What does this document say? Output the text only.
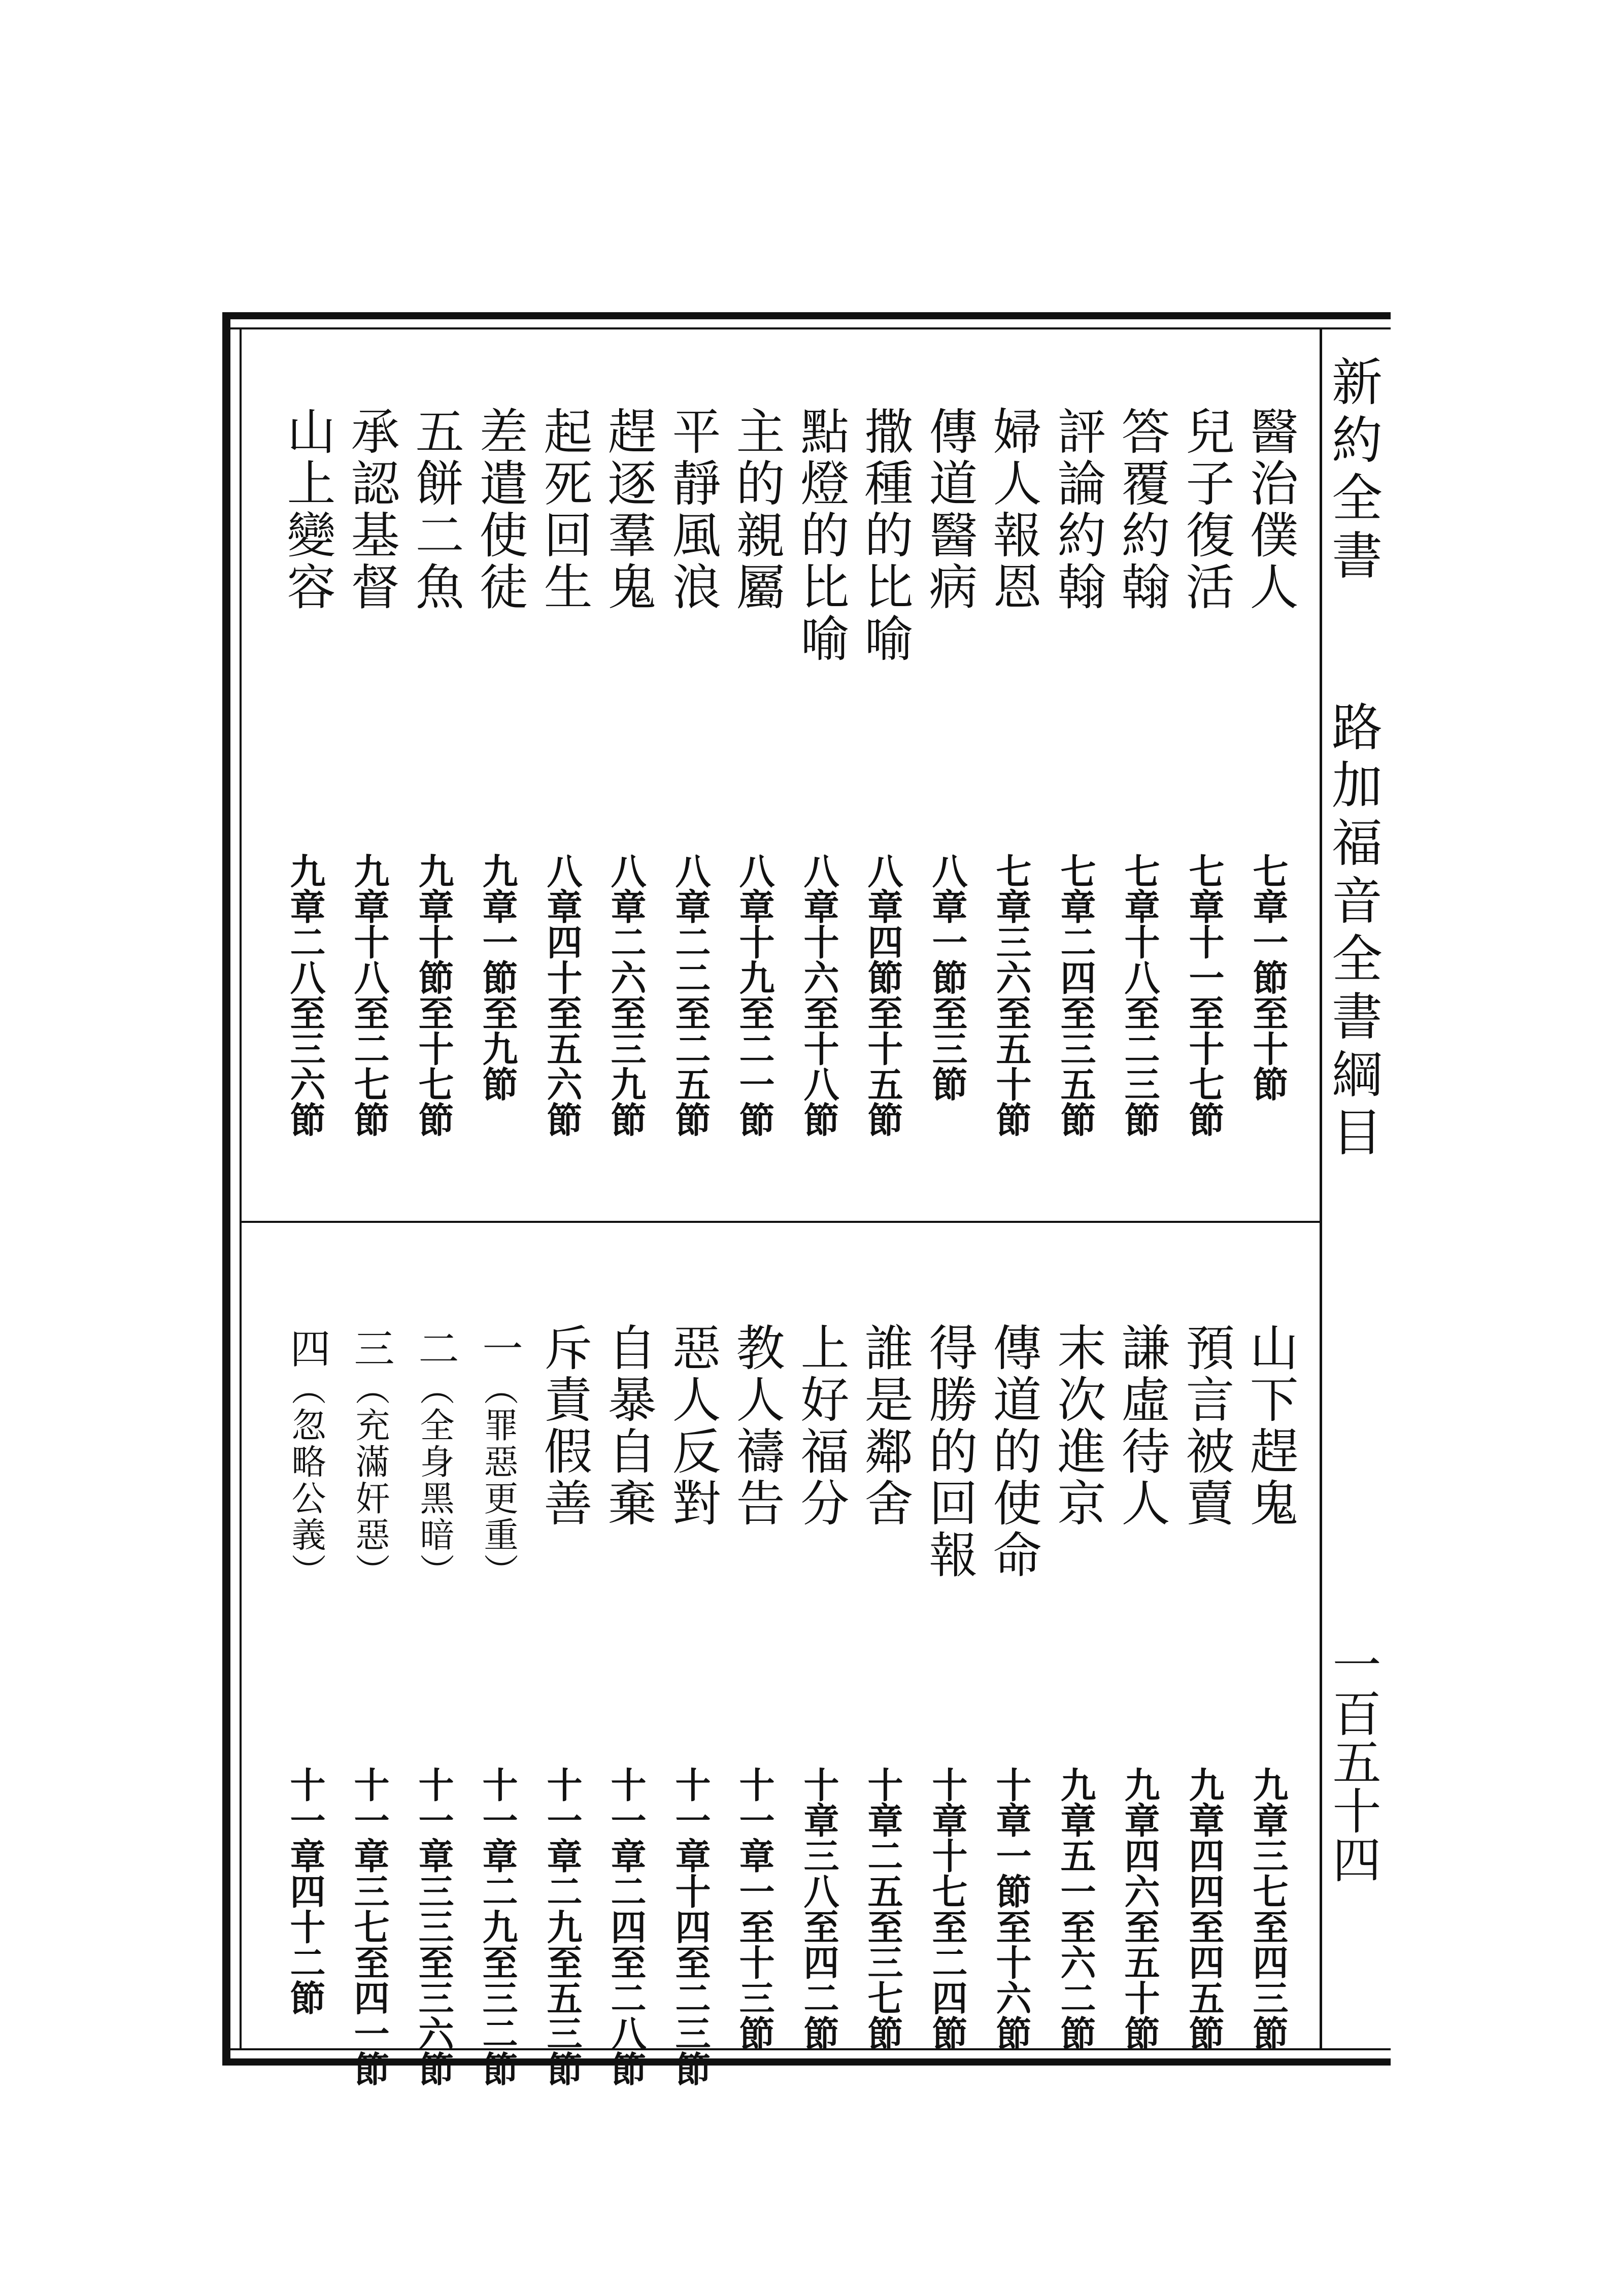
新約全書
路加福音全書綱目
一百五十四
醫治僕人
七章一節至十節
兒子復活
七章十一至十七節
答覆約翰
七章十八至二三節
評論約翰
七章二四至三五節
婦人報恩
七章三六至五十節
傳道醫病
八章一節至三節
撒種的比喻
八章四節至十五節
點燈的比喻
八章十六至十八節
主的親屬
八章十九至二一節
平靜風浪
八章二二至二五節
趕逐羣鬼
八章二六至三九節
起死回生
八章四十至五六節
差遣使徒
九章一節至九節
五餅二魚
九章十節至十七節
承認基督
九章十八至二七節
山上變容
九章二八至三六節
山下趕鬼
九章三七至四三節
預言被賣
九章四四至四五節
謙虛待人
九章四六至五十節
末次進京
九章五一至六二節
傳道的使命
十章一節至十六節
得勝的回報
十章十七至二四節
誰是鄰舍
十章二五至三七節
上好福分
十章三八至四二節
教人禱告
十一章一至十三節
惡人反對
十一章十四至二三節
自暴自棄
十一章二四至二八節
斥責假善
十一章二九至五三節
一
（罪惡更重）
十一章二九至三二節
二
（全身黑暗）
十一章三三至三六節
三
（充滿奸惡）
十一章三七至四一節
四
（忽略公義）
十一章四十二節
